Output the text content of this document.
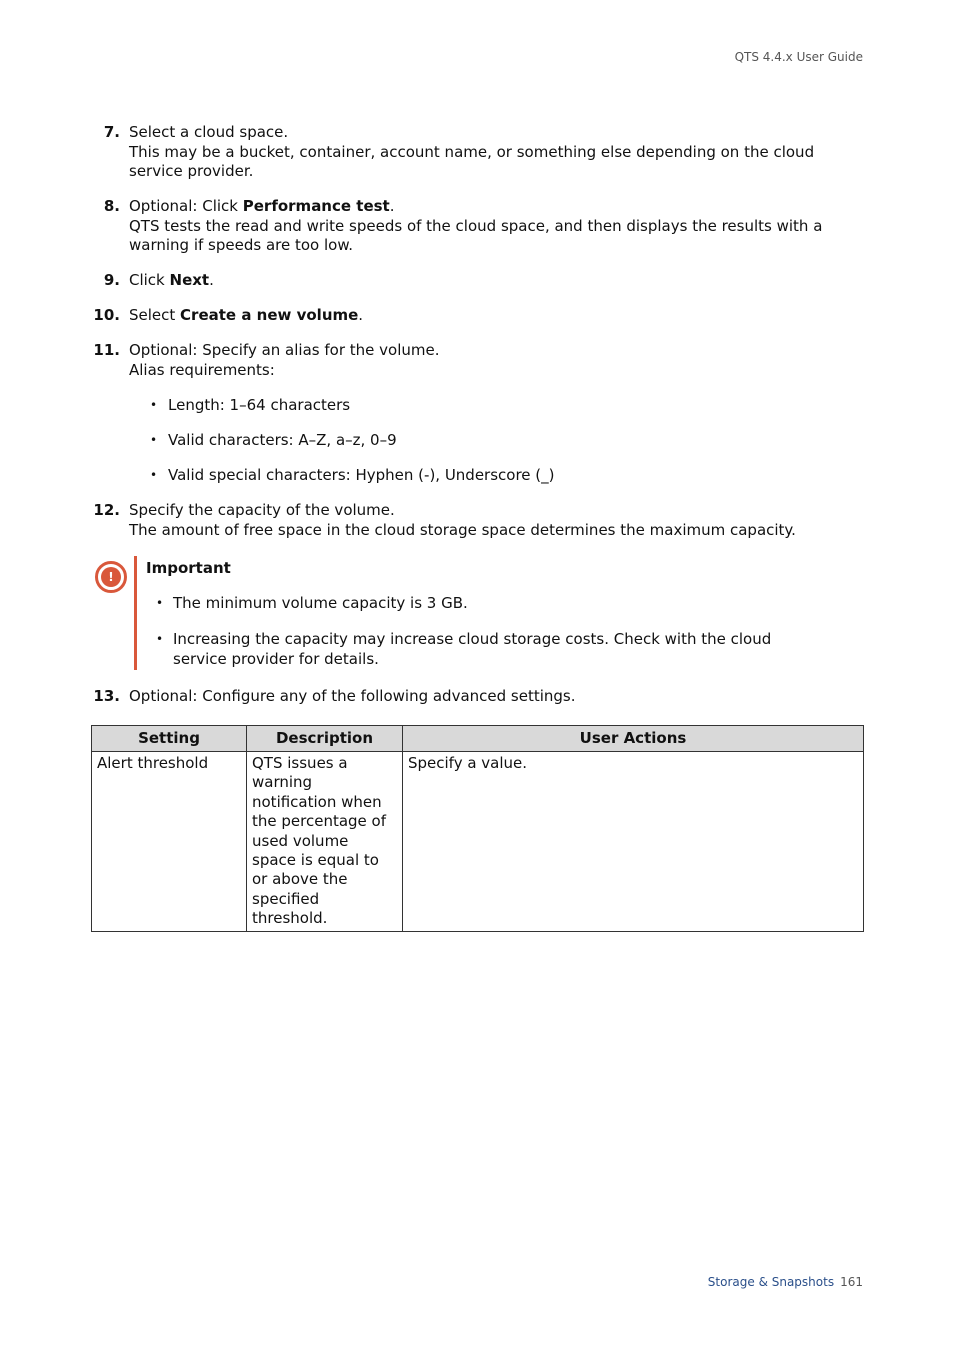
QTS 4.4.x User Guide
7. Select a cloud space.
This may be a bucket, container, account name, or something else depending on the cloud service provider.
8. Optional: Click Performance test.
QTS tests the read and write speeds of the cloud space, and then displays the results with a warning if speeds are too low.
9. Click Next.
10. Select Create a new volume.
11. Optional: Specify an alias for the volume.
Alias requirements:
• Length: 1–64 characters
• Valid characters: A–Z, a–z, 0–9
• Valid special characters: Hyphen (-), Underscore (_)
12. Specify the capacity of the volume.
The amount of free space in the cloud storage space determines the maximum capacity.
!	Important
• The minimum volume capacity is 3 GB.
• Increasing the capacity may increase cloud storage costs. Check with the cloud service provider for details.
13. Optional: Configure any of the following advanced settings.
Setting	Description	User Actions
Alert threshold	QTS issues a warning notification when the percentage of used volume space is equal to or above the specified threshold.	Specify a value.
Storage & Snapshots 161
